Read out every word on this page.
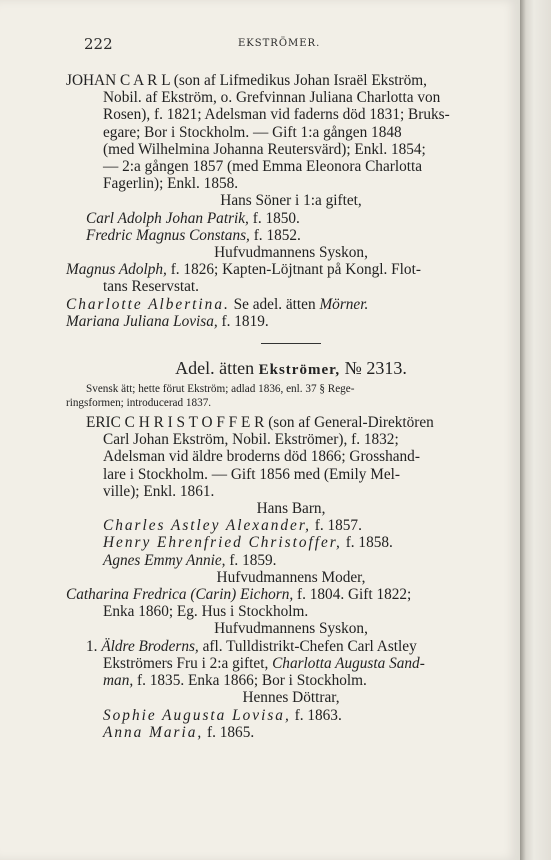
222	EKSTRÖMER.

JOHAN C A R L (son af Lifmedikus Johan Israël Ekström,

Nobil. af Ekström, o. Grefvinnan Juliana Charlotta von

Rosen), f. 1821; Adelsman vid faderns död 1831; Bruks-

egare; Bor i Stockholm. — Gift 1:a gången 1848

(med Wilhelmina Johanna Reutersvärd); Enkl. 1854;

— 2:a gången 1857 (med Emma Eleonora Charlotta

Fagerlin); Enkl. 1858.

Hans Söner i 1:a giftet,

Carl Adolph Johan Patrik, f. 1850.

Fredric Magnus Constans, f. 1852.

Hufvudmannens Syskon,

Magnus Adolph, f. 1826; Kapten-Löjtnant på Kongl. Flot-

tans Reservstat.

Charlotte Albertina. Se adel. ätten Mörner.

Mariana Juliana Lovisa, f. 1819.

Adel. ätten Ekströmer, № 2313.

Svensk ätt; hette förut Ekström; adlad 1836, enl. 37 § Rege-

ringsformen; introducerad 1837.

ERIC C H R I S T O F F E R (son af General-Direktören

Carl Johan Ekström, Nobil. Ekströmer), f. 1832;

Adelsman vid äldre broderns död 1866; Grosshand-

lare i Stockholm. — Gift 1856 med (Emily Mel-

ville); Enkl. 1861.

Hans Barn,

Charles Astley Alexander, f. 1857.

Henry Ehrenfried Christoffer, f. 1858.

Agnes Emmy Annie, f. 1859.

Hufvudmannens Moder,

Catharina Fredrica (Carin) Eichorn, f. 1804. Gift 1822;

Enka 1860; Eg. Hus i Stockholm.

Hufvudmannens Syskon,

1. Äldre Broderns, afl. Tulldistrikt-Chefen Carl Astley

Ekströmers Fru i 2:a giftet, Charlotta Augusta Sand-

man, f. 1835. Enka 1866; Bor i Stockholm.

Hennes Döttrar,

Sophie Augusta Lovisa, f. 1863.

Anna Maria, f. 1865.
